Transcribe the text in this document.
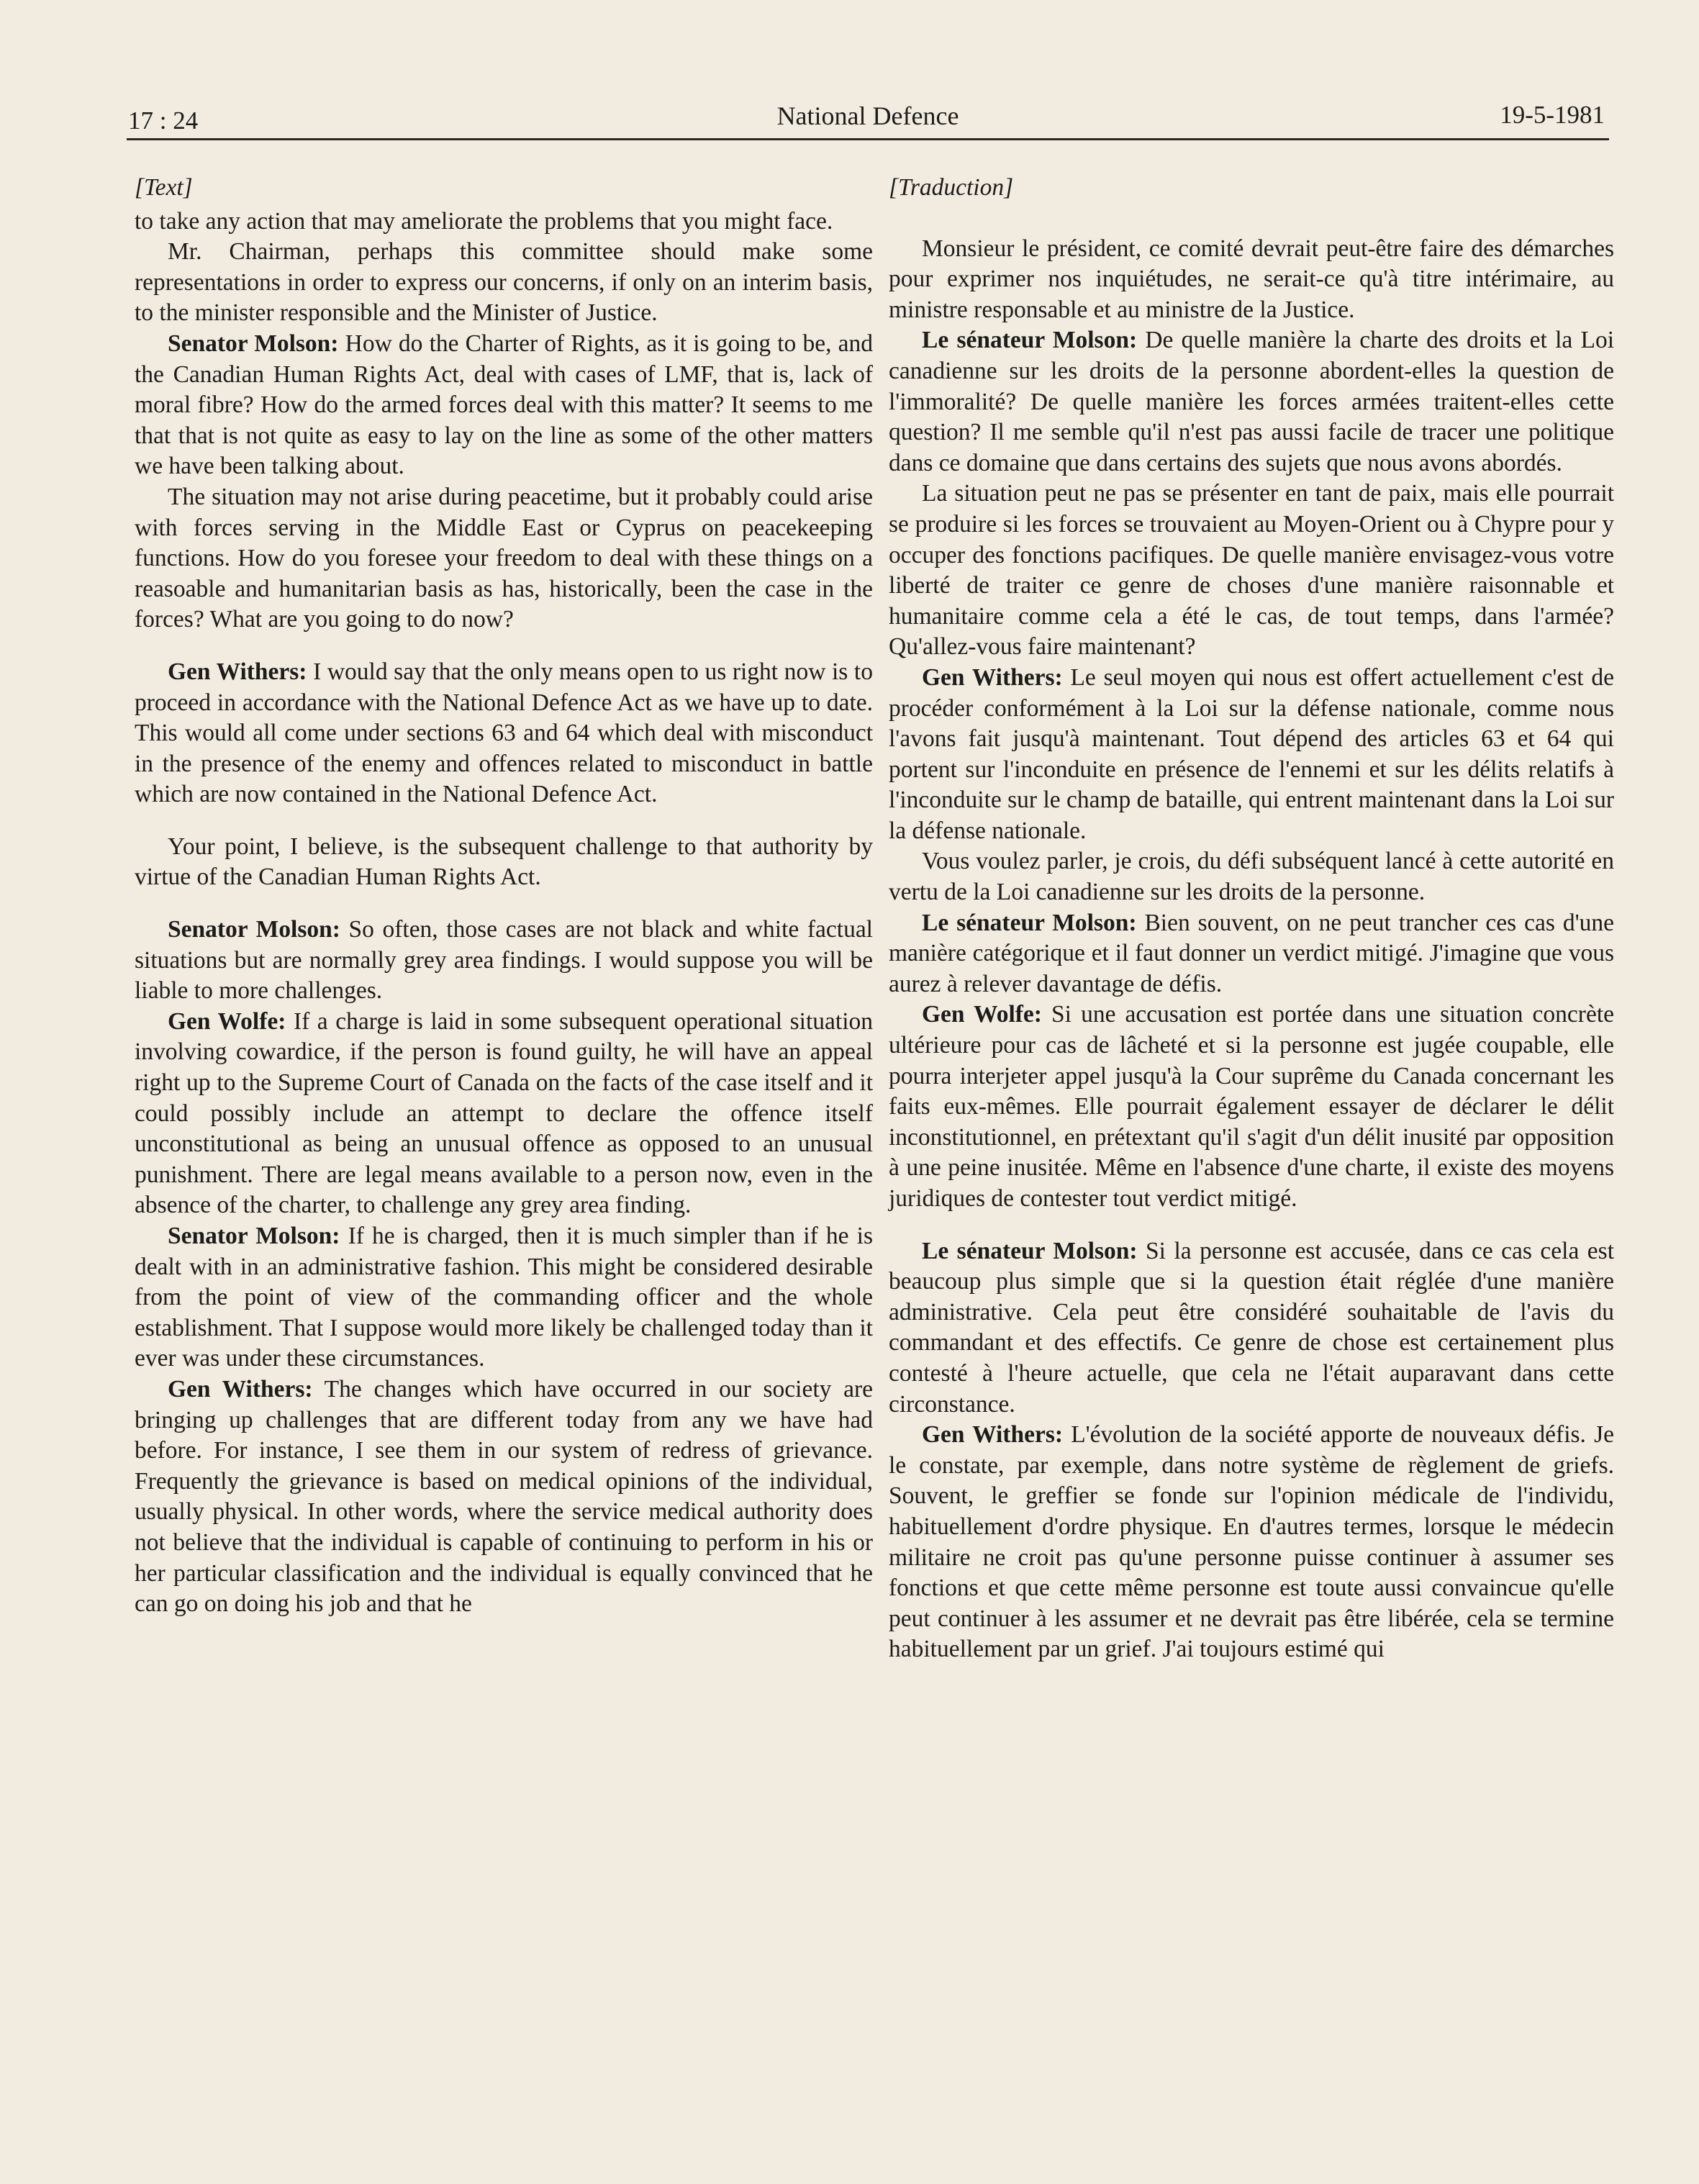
17 : 24	National Defence	19-5-1981

[Text]

to take any action that may ameliorate the problems that you might face.

Mr. Chairman, perhaps this committee should make some representations in order to express our concerns, if only on an interim basis, to the minister responsible and the Minister of Justice.

Senator Molson: How do the Charter of Rights, as it is going to be, and the Canadian Human Rights Act, deal with cases of LMF, that is, lack of moral fibre? How do the armed forces deal with this matter? It seems to me that that is not quite as easy to lay on the line as some of the other matters we have been talking about.

The situation may not arise during peacetime, but it probably could arise with forces serving in the Middle East or Cyprus on peacekeeping functions. How do you foresee your freedom to deal with these things on a reasoable and humanitarian basis as has, historically, been the case in the forces? What are you going to do now?

Gen Withers: I would say that the only means open to us right now is to proceed in accordance with the National Defence Act as we have up to date. This would all come under sections 63 and 64 which deal with misconduct in the presence of the enemy and offences related to misconduct in battle which are now contained in the National Defence Act.

Your point, I believe, is the subsequent challenge to that authority by virtue of the Canadian Human Rights Act.

Senator Molson: So often, those cases are not black and white factual situations but are normally grey area findings. I would suppose you will be liable to more challenges.

Gen Wolfe: If a charge is laid in some subsequent operational situation involving cowardice, if the person is found guilty, he will have an appeal right up to the Supreme Court of Canada on the facts of the case itself and it could possibly include an attempt to declare the offence itself unconstitutional as being an unusual offence as opposed to an unusual punishment. There are legal means available to a person now, even in the absence of the charter, to challenge any grey area finding.

Senator Molson: If he is charged, then it is much simpler than if he is dealt with in an administrative fashion. This might be considered desirable from the point of view of the commanding officer and the whole establishment. That I suppose would more likely be challenged today than it ever was under these circumstances.

Gen Withers: The changes which have occurred in our society are bringing up challenges that are different today from any we have had before. For instance, I see them in our system of redress of grievance. Frequently the grievance is based on medical opinions of the individual, usually physical. In other words, where the service medical authority does not believe that the individual is capable of continuing to perform in his or her particular classification and the individual is equally convinced that he can go on doing his job and that he

[Traduction]

Monsieur le président, ce comité devrait peut-être faire des démarches pour exprimer nos inquiétudes, ne serait-ce qu'à titre intérimaire, au ministre responsable et au ministre de la Justice.

Le sénateur Molson: De quelle manière la charte des droits et la Loi canadienne sur les droits de la personne abordent-elles la question de l'immoralité? De quelle manière les forces armées traitent-elles cette question? Il me semble qu'il n'est pas aussi facile de tracer une politique dans ce domaine que dans certains des sujets que nous avons abordés.

La situation peut ne pas se présenter en tant de paix, mais elle pourrait se produire si les forces se trouvaient au Moyen-Orient ou à Chypre pour y occuper des fonctions pacifiques. De quelle manière envisagez-vous votre liberté de traiter ce genre de choses d'une manière raisonnable et humanitaire comme cela a été le cas, de tout temps, dans l'armée? Qu'allez-vous faire maintenant?

Gen Withers: Le seul moyen qui nous est offert actuellement c'est de procéder conformément à la Loi sur la défense nationale, comme nous l'avons fait jusqu'à maintenant. Tout dépend des articles 63 et 64 qui portent sur l'inconduite en présence de l'ennemi et sur les délits relatifs à l'inconduite sur le champ de bataille, qui entrent maintenant dans la Loi sur la défense nationale.

Vous voulez parler, je crois, du défi subséquent lancé à cette autorité en vertu de la Loi canadienne sur les droits de la personne.

Le sénateur Molson: Bien souvent, on ne peut trancher ces cas d'une manière catégorique et il faut donner un verdict mitigé. J'imagine que vous aurez à relever davantage de défis.

Gen Wolfe: Si une accusation est portée dans une situation concrète ultérieure pour cas de lâcheté et si la personne est jugée coupable, elle pourra interjeter appel jusqu'à la Cour suprême du Canada concernant les faits eux-mêmes. Elle pourrait également essayer de déclarer le délit inconstitutionnel, en prétextant qu'il s'agit d'un délit inusité par opposition à une peine inusitée. Même en l'absence d'une charte, il existe des moyens juridiques de contester tout verdict mitigé.

Le sénateur Molson: Si la personne est accusée, dans ce cas cela est beaucoup plus simple que si la question était réglée d'une manière administrative. Cela peut être considéré souhaitable de l'avis du commandant et des effectifs. Ce genre de chose est certainement plus contesté à l'heure actuelle, que cela ne l'était auparavant dans cette circonstance.

Gen Withers: L'évolution de la société apporte de nouveaux défis. Je le constate, par exemple, dans notre système de règlement de griefs. Souvent, le greffier se fonde sur l'opinion médicale de l'individu, habituellement d'ordre physique. En d'autres termes, lorsque le médecin militaire ne croit pas qu'une personne puisse continuer à assumer ses fonctions et que cette même personne est toute aussi convaincue qu'elle peut continuer à les assumer et ne devrait pas être libérée, cela se termine habituellement par un grief. J'ai toujours estimé qui
